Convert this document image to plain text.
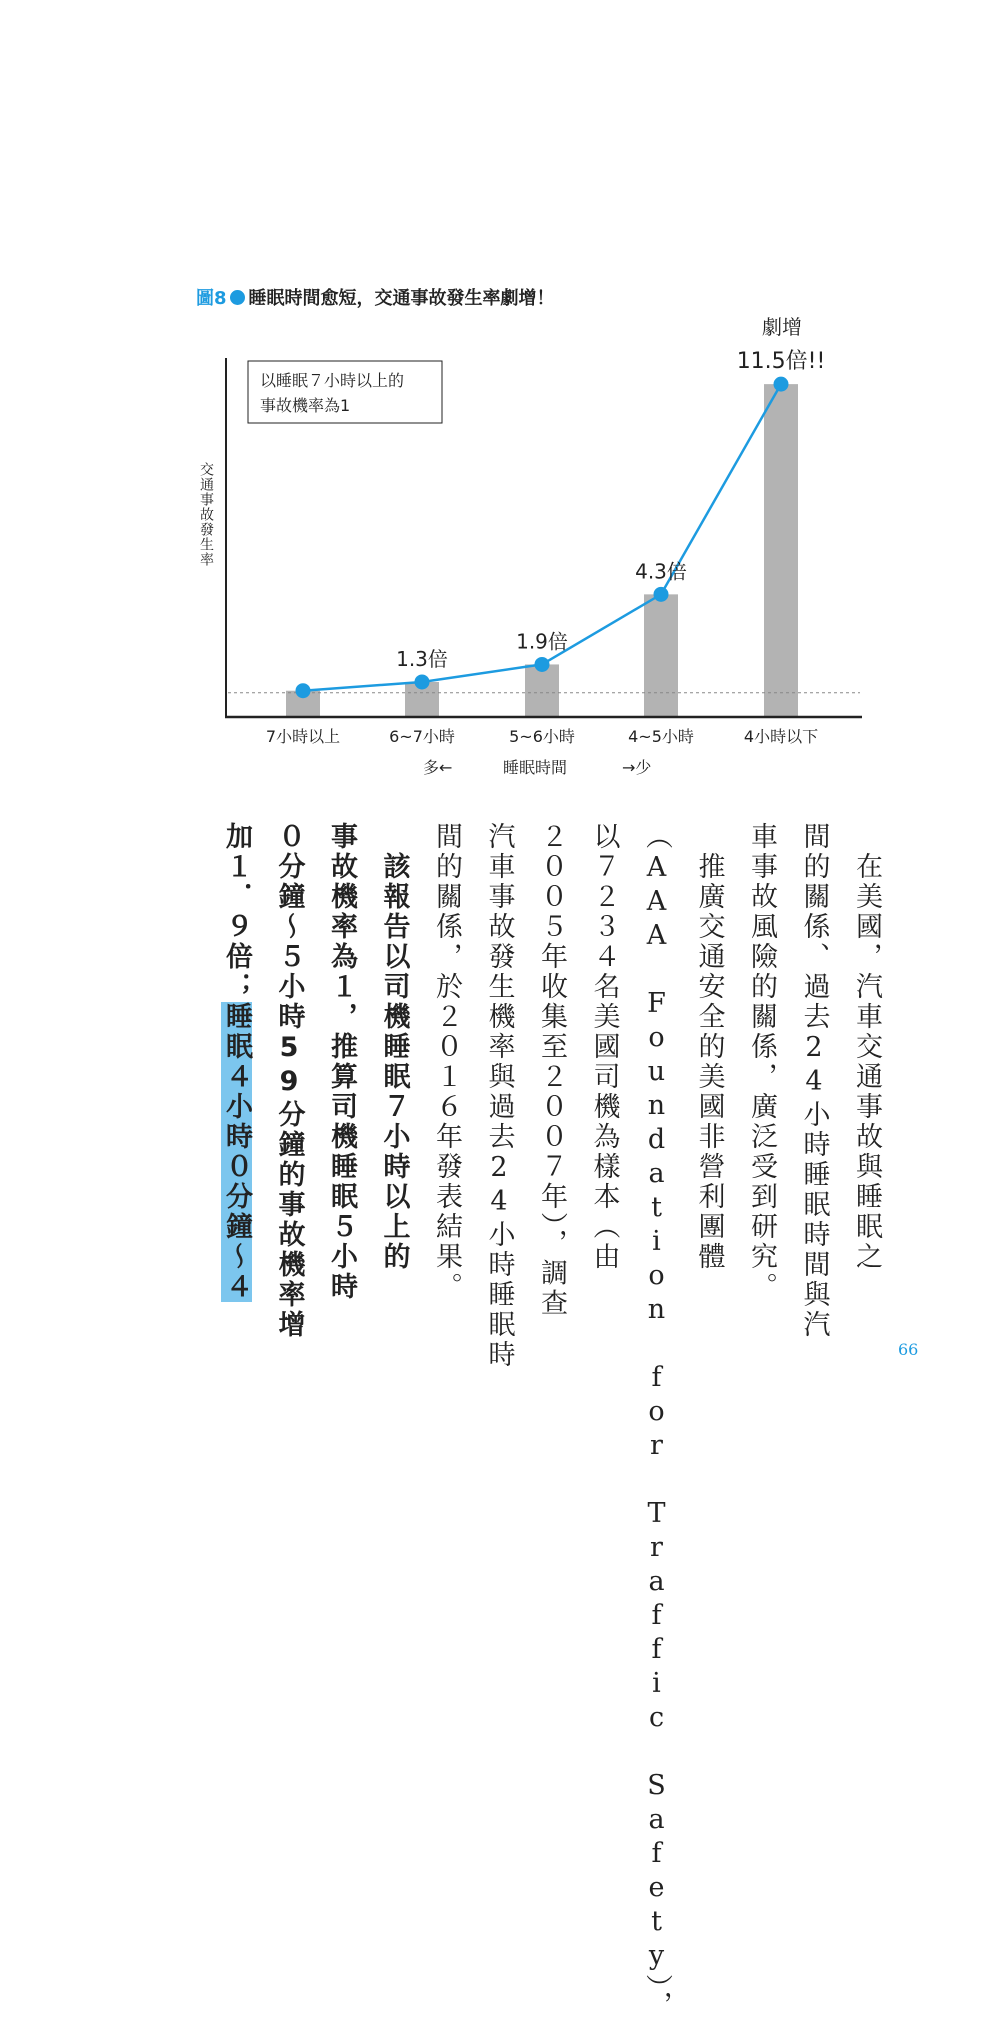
圖8 睡眠時間愈短，交通事故發生率劇增！
1.3倍
1.9倍
4.3倍
11.5倍!!
劇增
以睡眠７小時以上的
事故機率為1
交通事故發生率
7小時以上	6~7小時	5~6小時	4~5小時	4小時以下
多←	睡眠時間	→少
在美國，汽車交通事故與睡眠之
間的關係、過去24小時睡眠時間與汽
車事故風險的關係，廣泛受到研究。
推廣交通安全的美國非營利團體
（AAA Foundation for Traffic Safety），
以７２３４名美國司機為樣本（由
２００５年收集至２００７年），調查
汽車事故發生機率與過去24小時睡眠時
間的關係，於２０１６年發表結果。
該報告以司機睡眠７小時以上的
事故機率為１，推算司機睡眠５小時
０分鐘～５小時59分鐘的事故機率增
加１．９倍；睡眠４小時０分鐘～４
66
